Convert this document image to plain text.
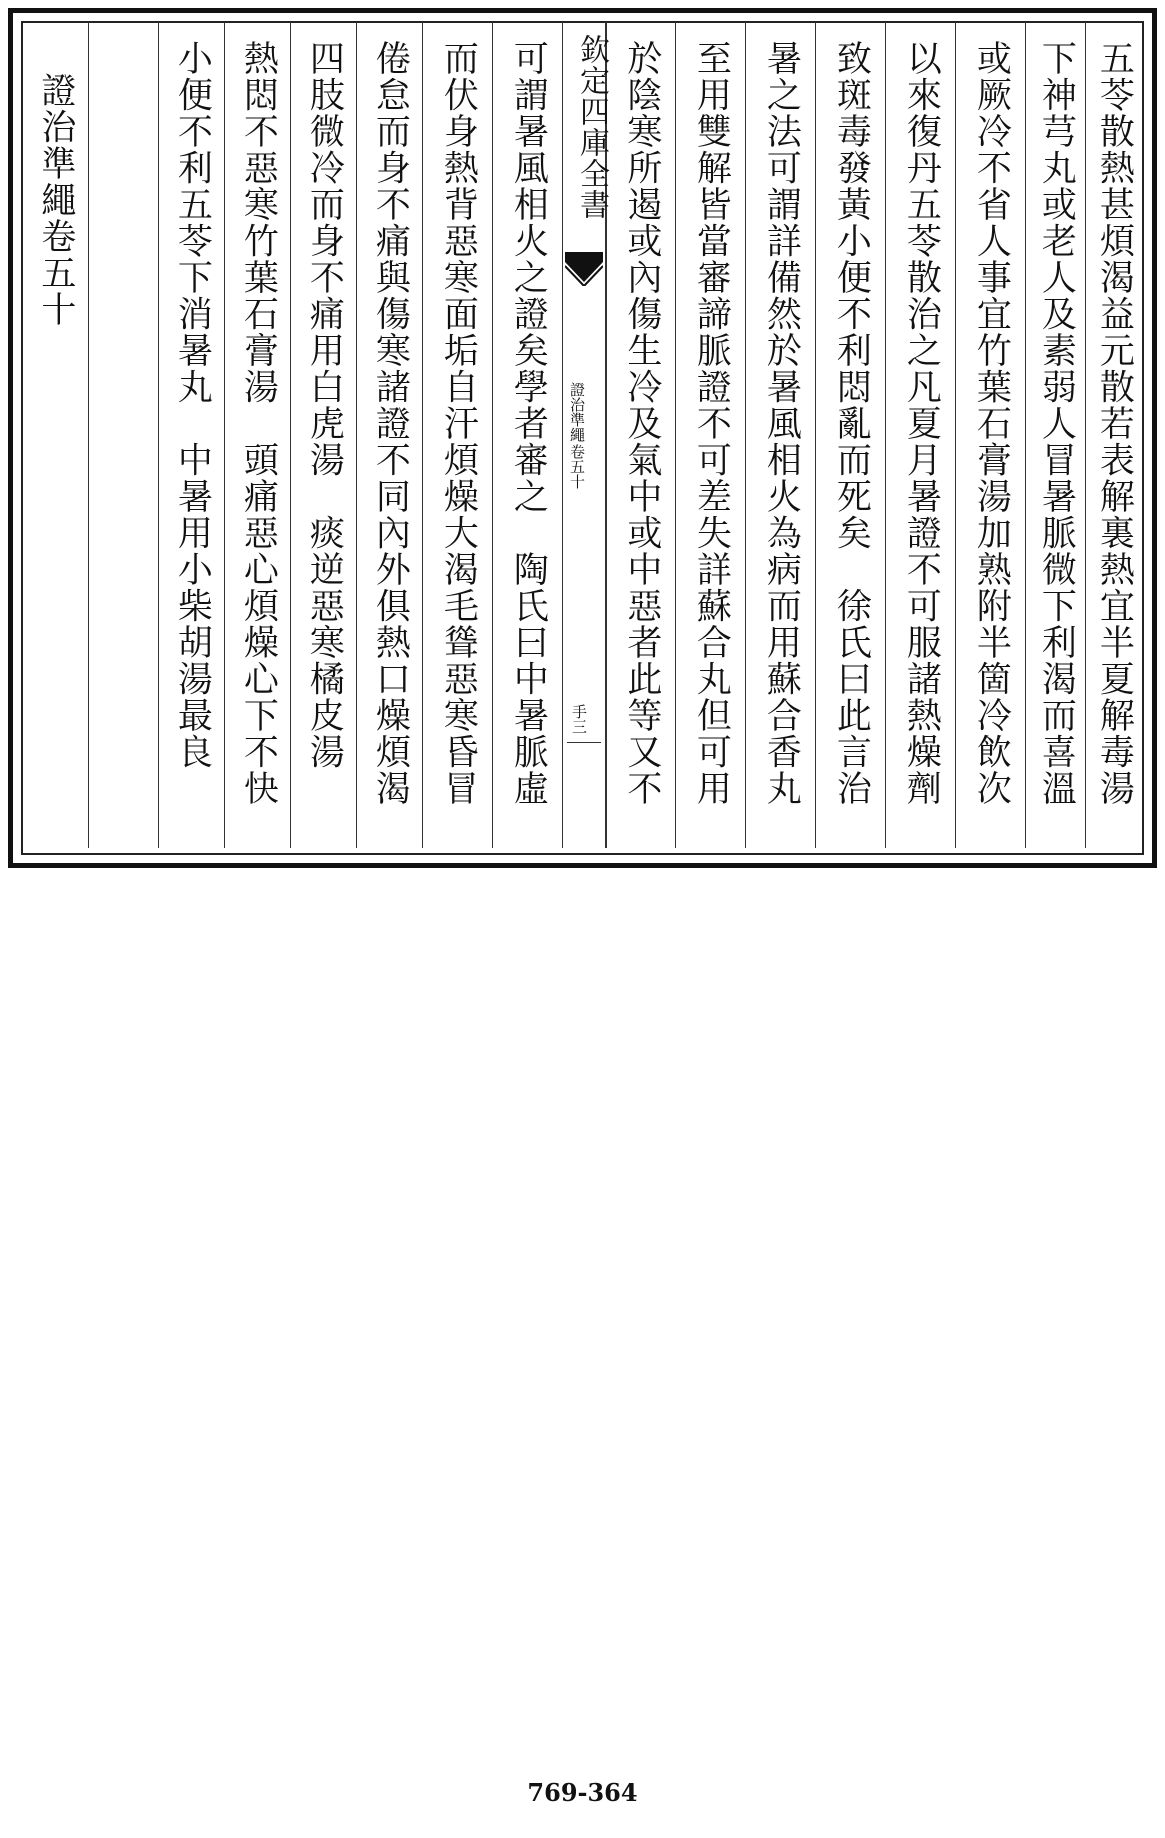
五苓散熱甚煩渴益元散若表解裏熱宜半夏解毒湯
下神芎丸或老人及素弱人冒暑脈微下利渴而喜溫
或厥冷不省人事宜竹葉石膏湯加熟附半箇冷飲次
以來復丹五苓散治之凡夏月暑證不可服諸熱燥劑
致斑毒發黃小便不利悶亂而死矣　徐氏曰此言治
暑之法可謂詳備然於暑風相火為病而用蘇合香丸
至用雙解皆當審諦脈證不可差失詳蘇合丸但可用
於陰寒所遏或內傷生冷及氣中或中惡者此等又不
欽定四庫全書
證治準繩
卷五十
手三
可謂暑風相火之證矣學者審之　陶氏曰中暑脈虛
而伏身熱背惡寒面垢自汗煩燥大渴毛聳惡寒昏冒
倦怠而身不痛與傷寒諸證不同內外俱熱口燥煩渴
四肢微冷而身不痛用白虎湯　痰逆惡寒橘皮湯
熱悶不惡寒竹葉石膏湯　頭痛惡心煩燥心下不快
小便不利五苓下消暑丸　中暑用小柴胡湯最良
證治準繩卷五十
769-364
